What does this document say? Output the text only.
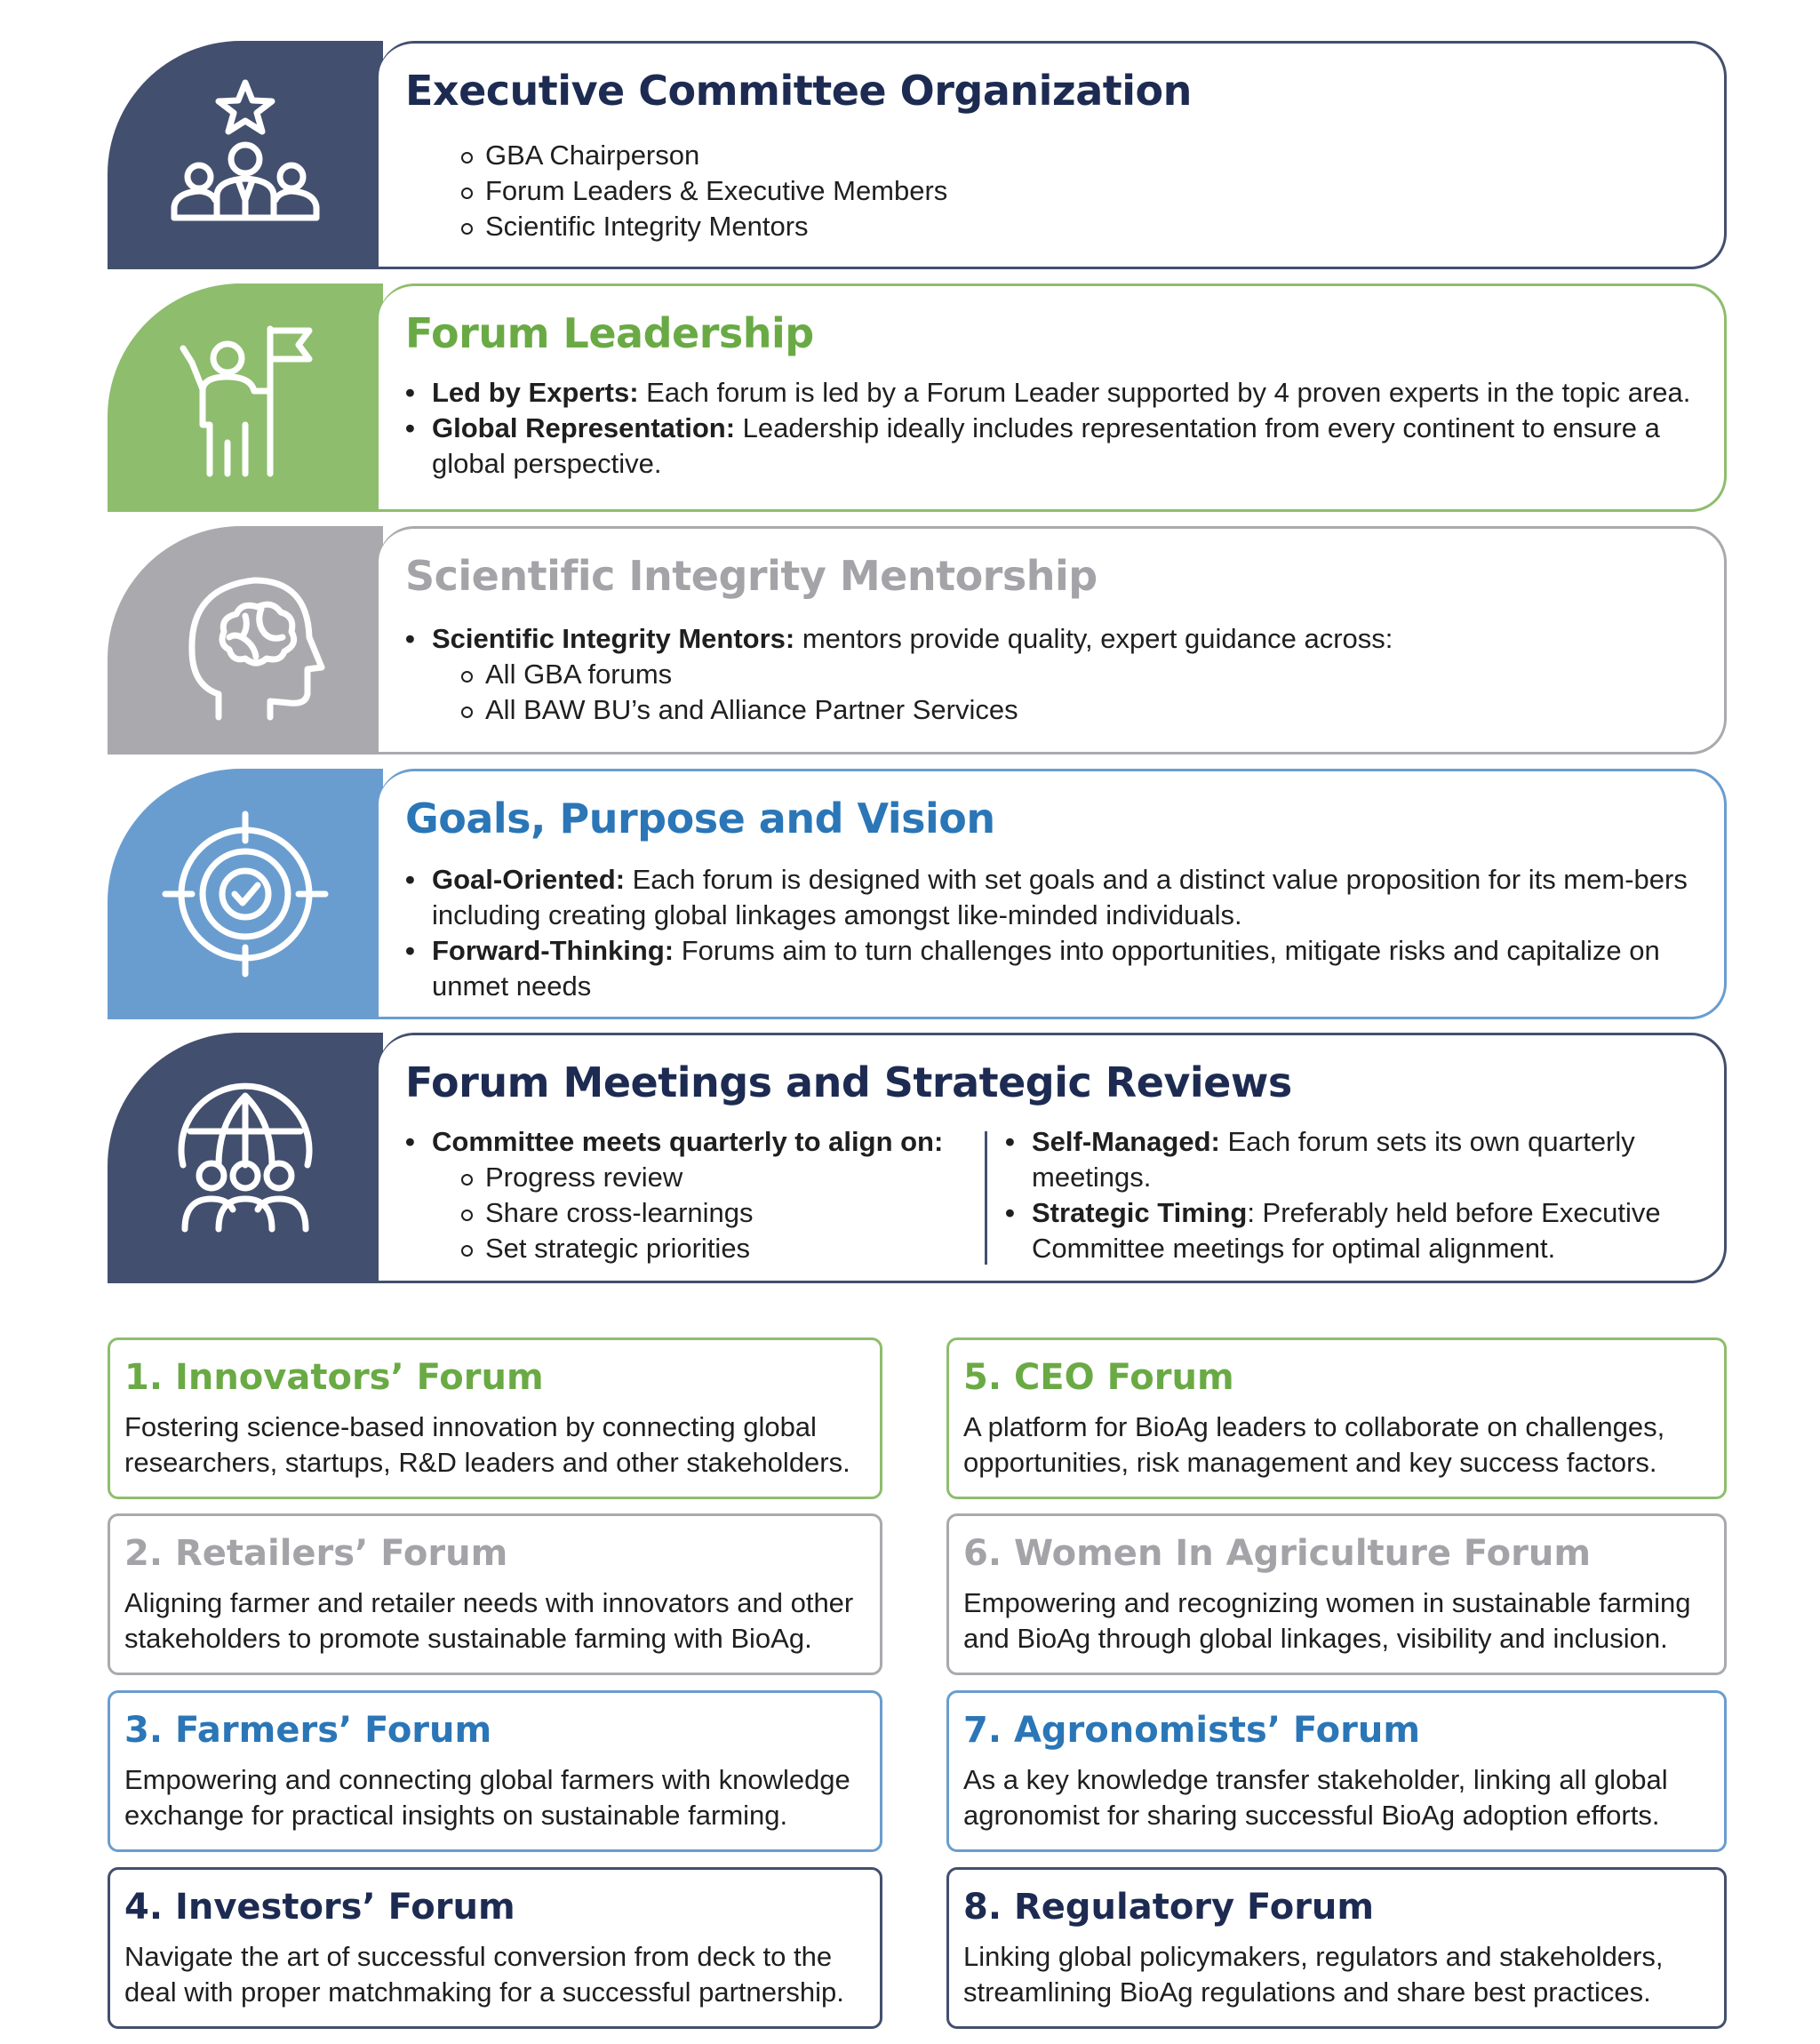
Executive Committee Organization
GBA Chairperson
Forum Leaders & Executive Members
Scientific Integrity Mentors
Forum Leadership
• Led by Experts: Each forum is led by a Forum Leader supported by 4 proven experts in the topic area.
• Global Representation: Leadership ideally includes representation from every continent to ensure a global perspective.
Scientific Integrity Mentorship
• Scientific Integrity Mentors: mentors provide quality, expert guidance across:
All GBA forums
All BAW BU’s and Alliance Partner Services
Goals, Purpose and Vision
• Goal-Oriented: Each forum is designed with set goals and a distinct value proposition for its mem-bers including creating global linkages amongst like-minded individuals.
• Forward-Thinking: Forums aim to turn challenges into opportunities, mitigate risks and capitalize on unmet needs
Forum Meetings and Strategic Reviews
• Committee meets quarterly to align on:
Progress review
Share cross-learnings
Set strategic priorities
• Self-Managed: Each forum sets its own quarterly meetings.
• Strategic Timing: Preferably held before Executive Committee meetings for optimal alignment.
1. Innovators’ Forum

Fostering science-based innovation by connecting global researchers, startups, R&D leaders and other stakeholders.

5. CEO Forum

A platform for BioAg leaders to collaborate on challenges, opportunities, risk management and key success factors.

2. Retailers’ Forum

Aligning farmer and retailer needs with innovators and other stakeholders to promote sustainable farming with BioAg.

6. Women In Agriculture Forum

Empowering and recognizing women in sustainable farming and BioAg through global linkages, visibility and inclusion.

3. Farmers’ Forum

Empowering and connecting global farmers with knowledge exchange for practical insights on sustainable farming.

7. Agronomists’ Forum

As a key knowledge transfer stakeholder, linking all global agronomist for sharing successful BioAg adoption efforts.

4. Investors’ Forum

Navigate the art of successful conversion from deck to the deal with proper matchmaking for a successful partnership.

8. Regulatory Forum

Linking global policymakers, regulators and stakeholders, streamlining BioAg regulations and share best practices.
